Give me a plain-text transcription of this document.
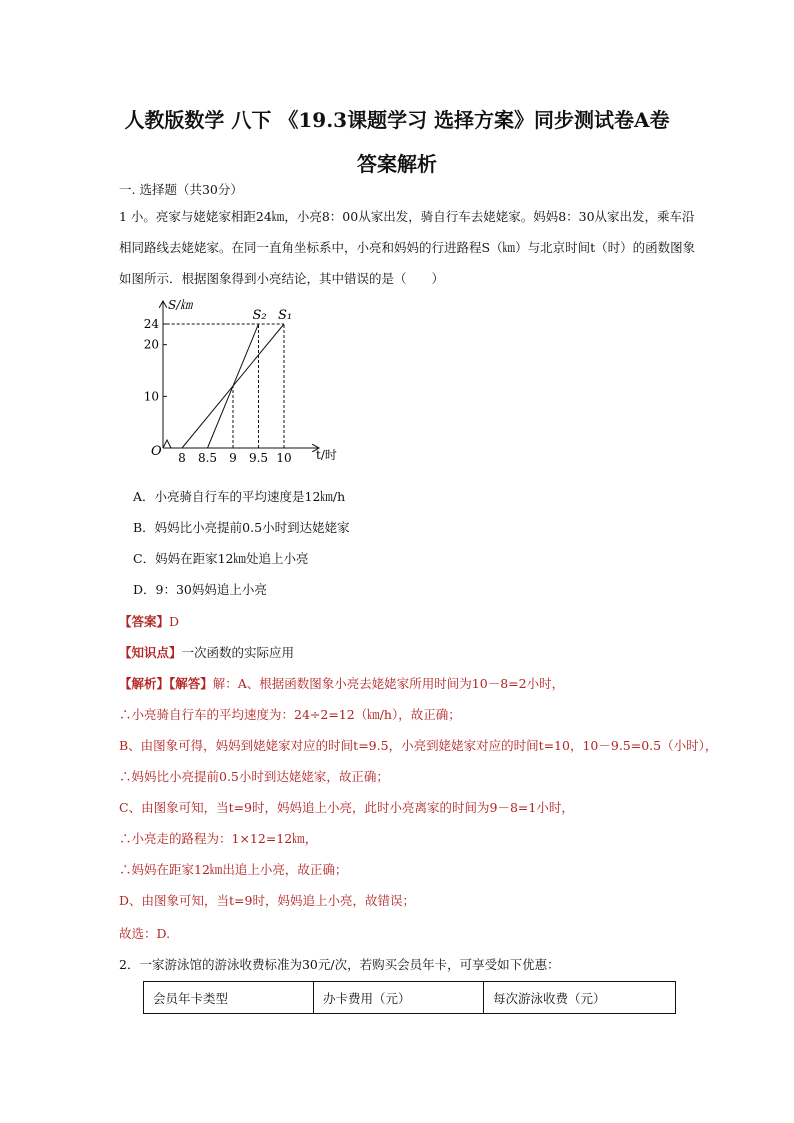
人教版数学 八下 《19.3课题学习 选择方案》同步测试卷A卷
答案解析
一. 选择题（共30分）
1 小。亮家与姥姥家相距24㎞，小亮8：00从家出发，骑自行车去姥姥家。妈妈8：30从家出发，乘车沿
相同路线去姥姥家。在同一直角坐标系中，小亮和妈妈的行进路程S（㎞）与北京时间t（时）的函数图象
如图所示．根据图象得到小亮结论，其中错误的是（　　）
8 8.5 9 9.5 10
10
20
24
S₁
S₂
O
S/㎞
t/时
A．小亮骑自行车的平均速度是12㎞/h
B．妈妈比小亮提前0.5小时到达姥姥家
C．妈妈在距家12㎞处追上小亮
D．9：30妈妈追上小亮
【答案】D
【知识点】一次函数的实际应用
【解析】【解答】解：A、根据函数图象小亮去姥姥家所用时间为10－8=2小时，
∴小亮骑自行车的平均速度为：24÷2=12（㎞/h），故正确；
B、由图象可得，妈妈到姥姥家对应的时间t=9.5，小亮到姥姥家对应的时间t=10，10－9.5=0.5（小时），
∴妈妈比小亮提前0.5小时到达姥姥家，故正确；
C、由图象可知，当t=9时，妈妈追上小亮，此时小亮离家的时间为9－8=1小时，
∴小亮走的路程为：1×12=12㎞，
∴妈妈在距家12㎞出追上小亮，故正确；
D、由图象可知，当t=9时，妈妈追上小亮，故错误；
故选：D.
2．一家游泳馆的游泳收费标准为30元/次，若购买会员年卡，可享受如下优惠：
会员年卡类型	办卡费用（元）	每次游泳收费（元）
